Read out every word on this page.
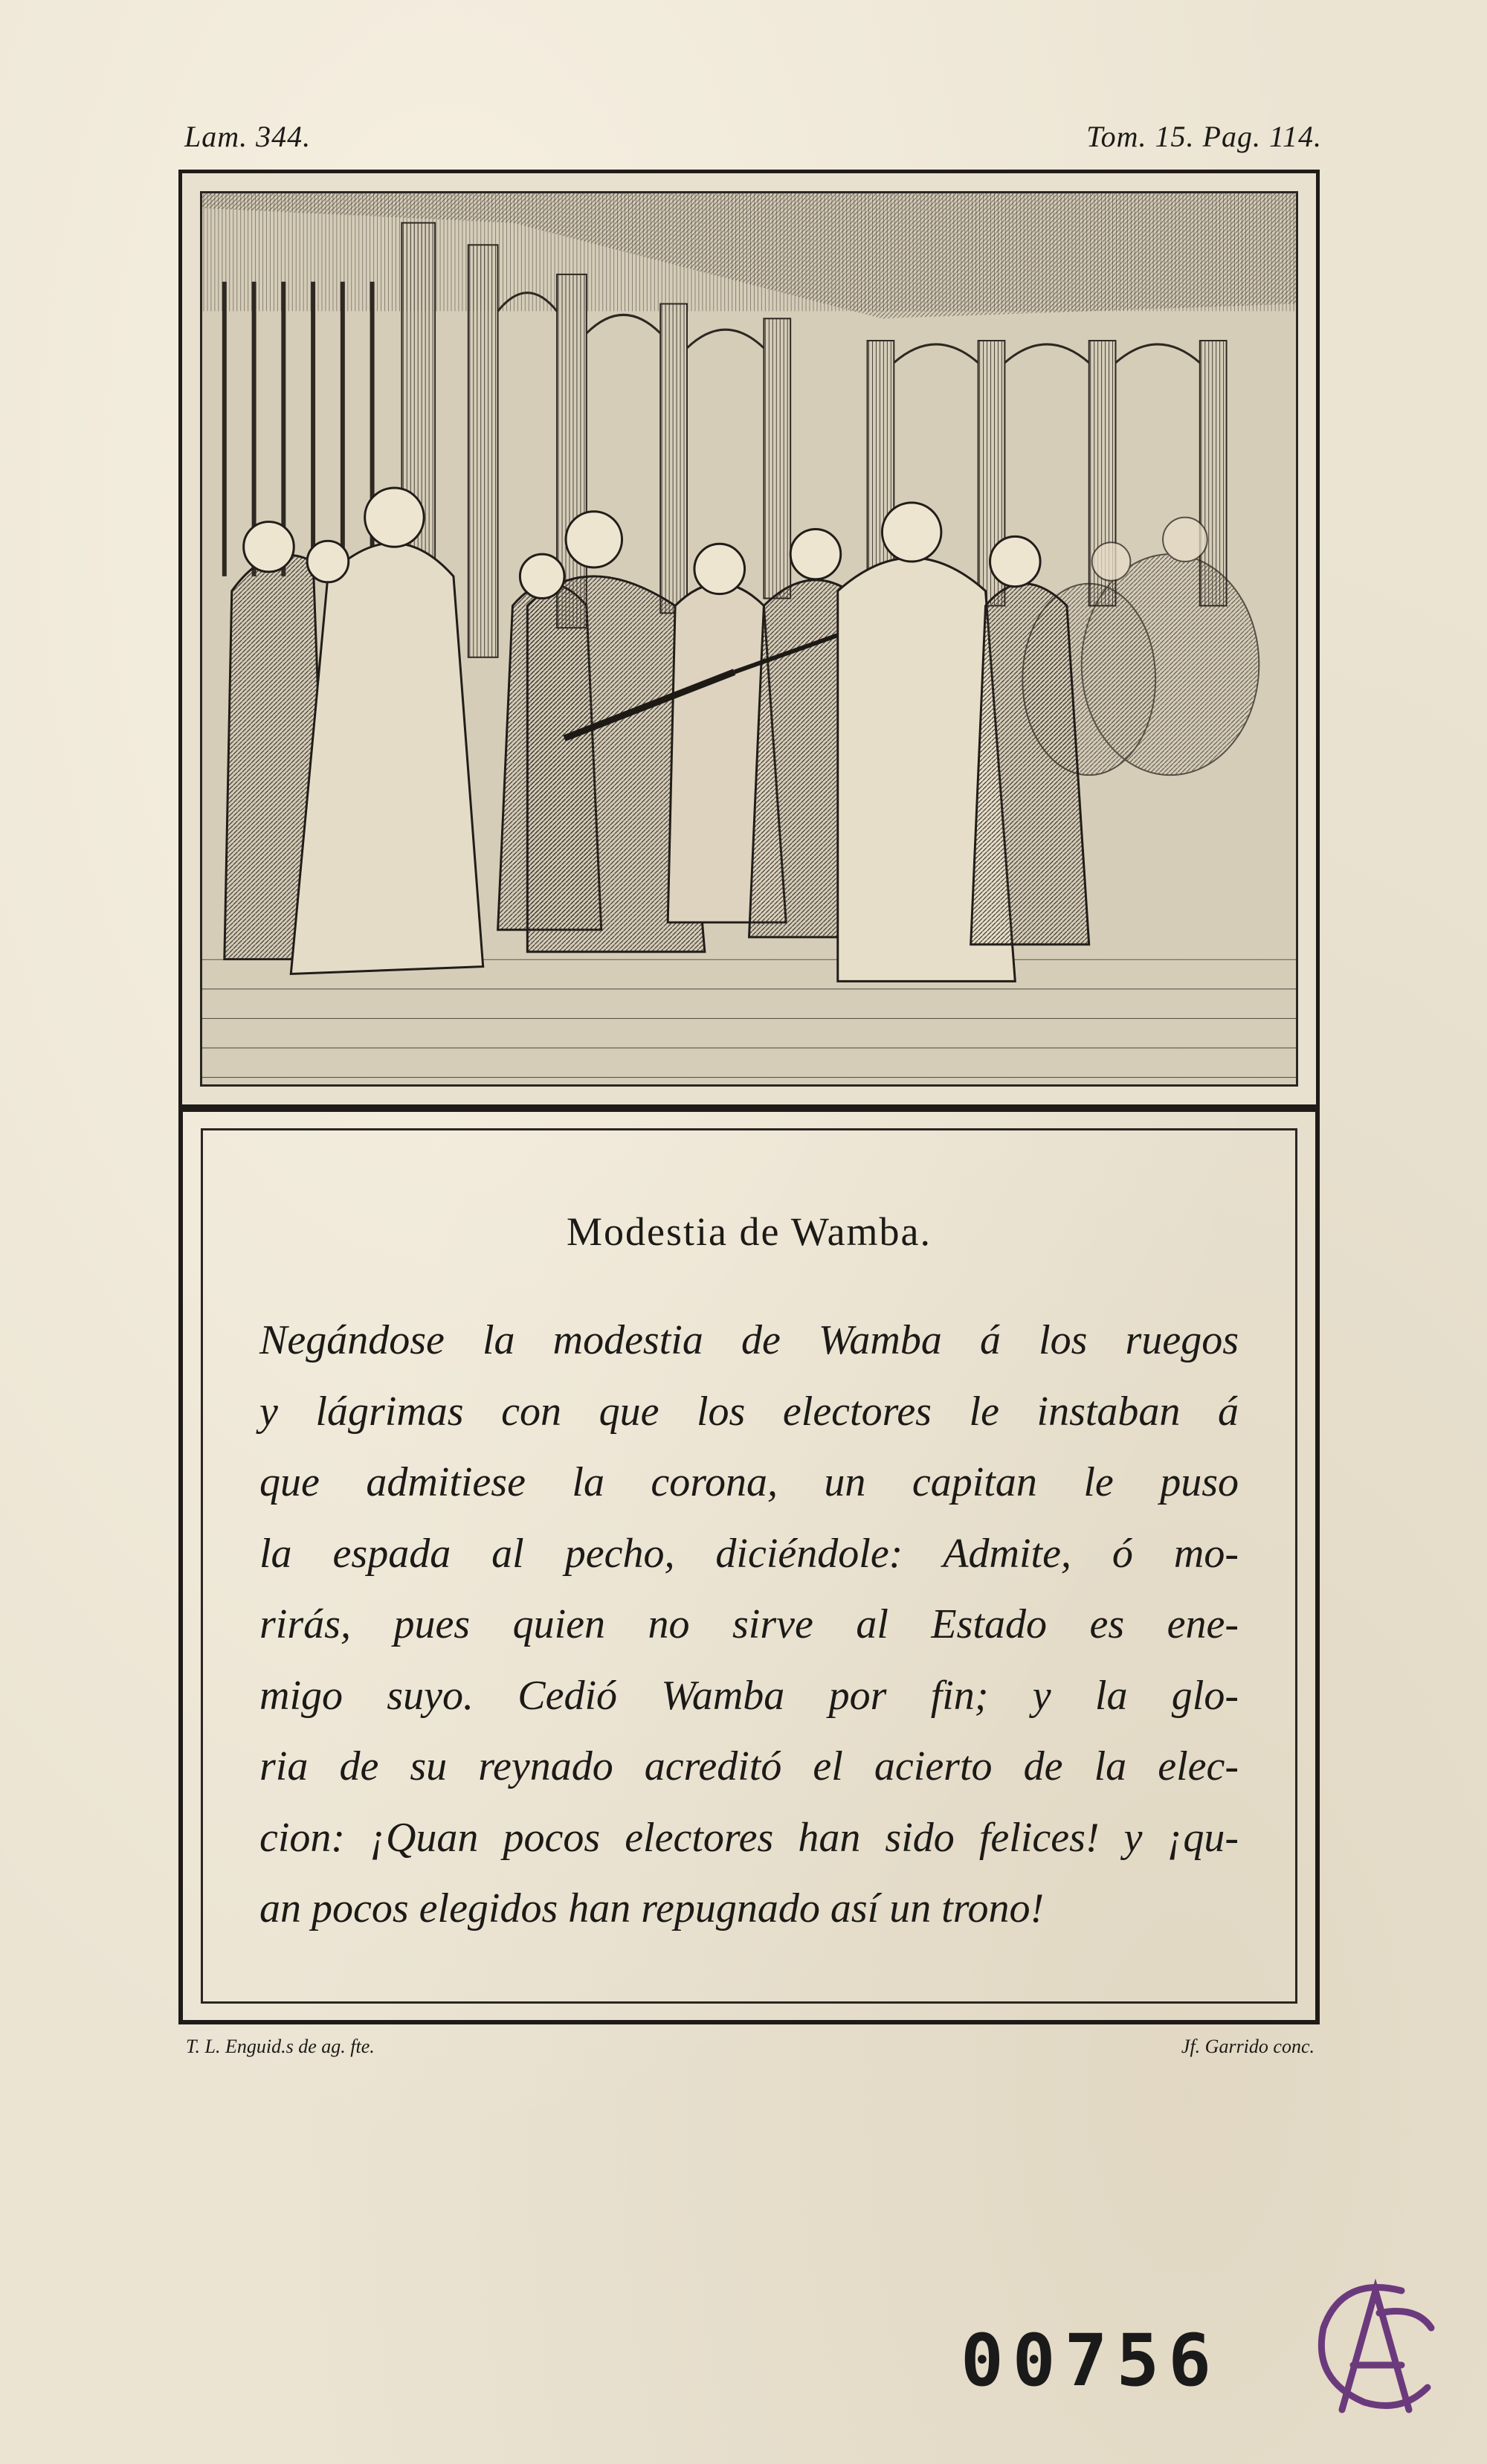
Lam. 344.	Tom. 15. Pag. 114.
Modestia de Wamba.
Negándose la modestia de Wamba á los ruegos
y lágrimas con que los electores le instaban á
que admitiese la corona, un capitan le puso
la espada al pecho, diciéndole: Admite, ó mo-
rirás, pues quien no sirve al Estado es ene-
migo suyo. Cedió Wamba por fin; y la glo-
ria de su reynado acreditó el acierto de la elec-
cion: ¡Quan pocos electores han sido felices! y ¡qu-
an pocos elegidos han repugnado así un trono!
T. L. Enguid.s de ag. fte.	Jf. Garrido conc.
00756
